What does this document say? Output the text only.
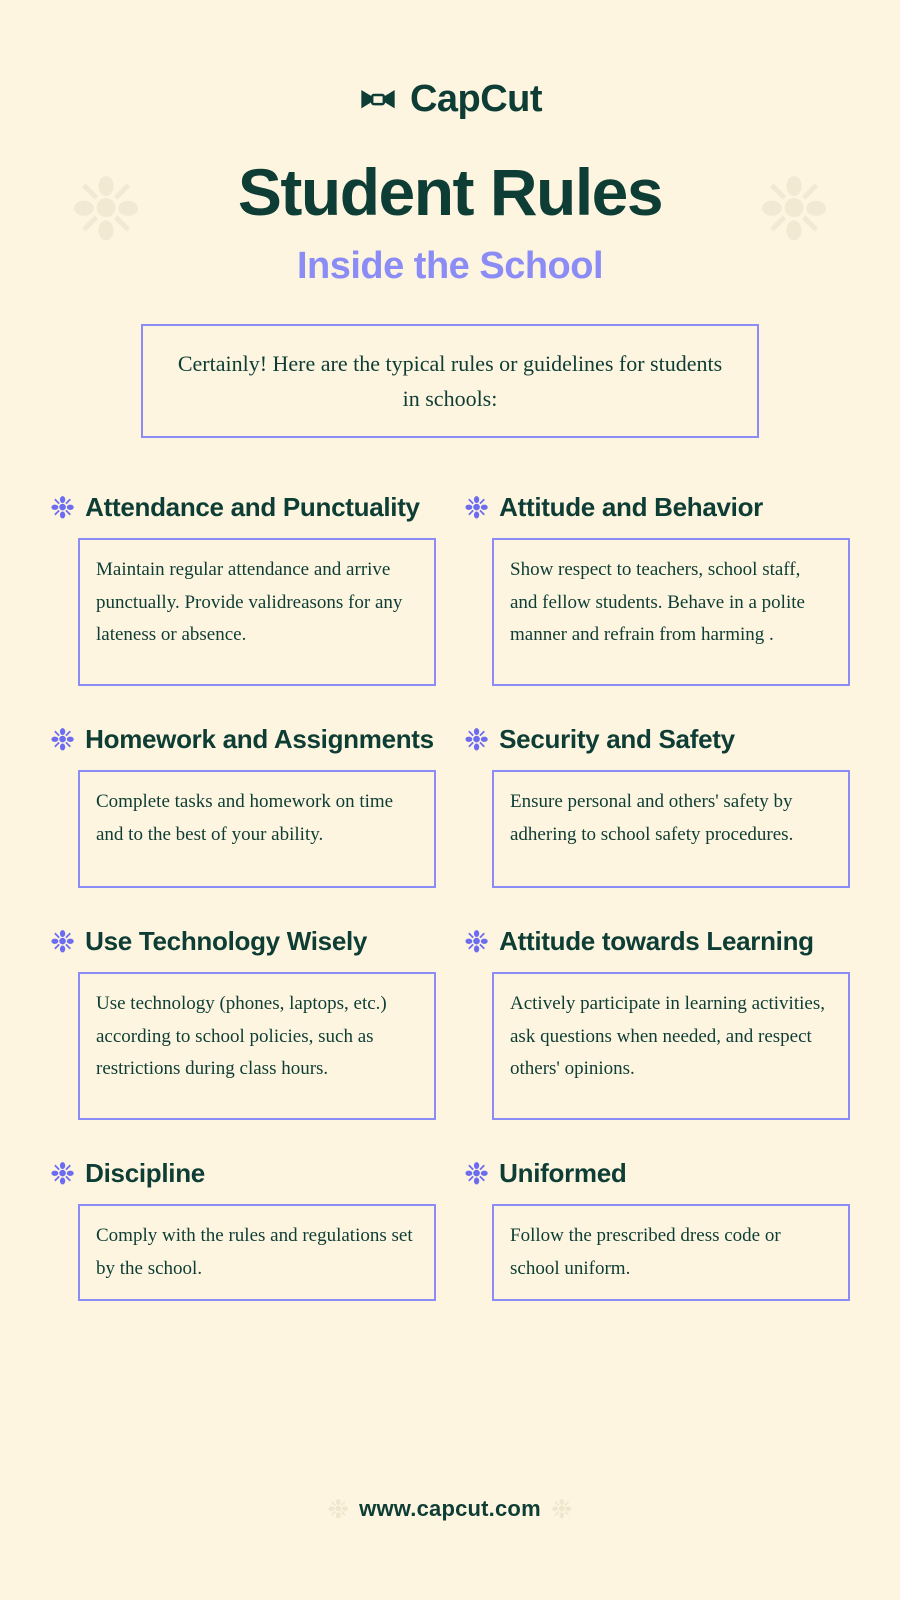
CapCut
❉	❉
Student Rules
Inside the School
Certainly! Here are the typical rules or guidelines for students in schools:
❉ Attendance and Punctuality
Maintain regular attendance and arrive punctually. Provide validreasons for any lateness or absence.
❉ Attitude and Behavior
Show respect to teachers, school staff, and fellow students. Behave in a polite manner and refrain from harming .
❉ Homework and Assignments
Complete tasks and homework on time and to the best of your ability.
❉ Security and Safety
Ensure personal and others' safety by adhering to school safety procedures.
❉ Use Technology Wisely
Use technology (phones, laptops, etc.) according to school policies, such as restrictions during class hours.
❉ Attitude towards Learning
Actively participate in learning activities, ask questions when needed, and respect others' opinions.
❉ Discipline
Comply with the rules and regulations set by the school.
❉ Uniformed
Follow the prescribed dress code or school uniform.
❉ www.capcut.com ❉
